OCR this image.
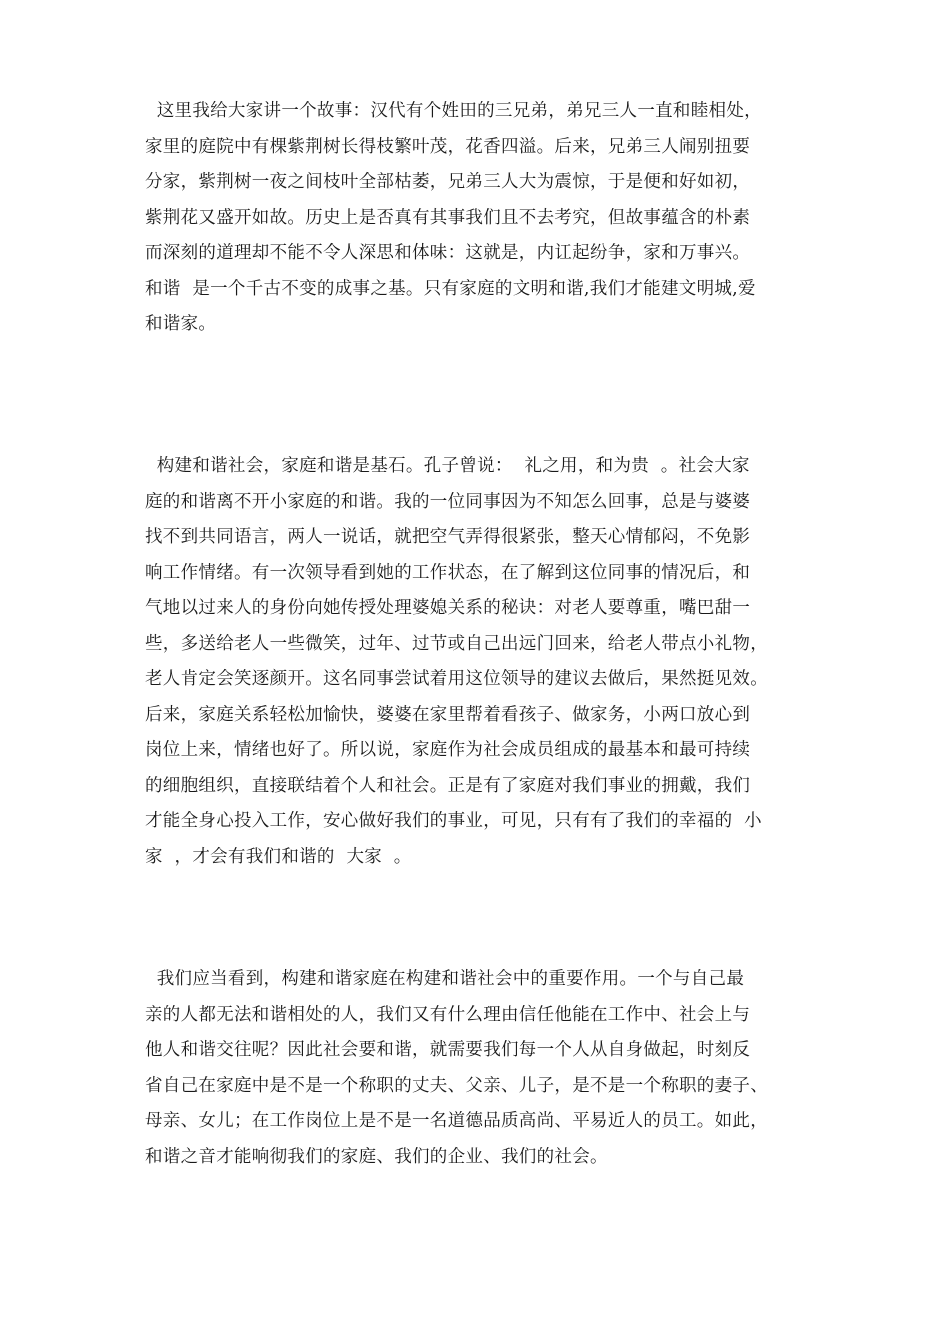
这里我给大家讲一个故事：汉代有个姓田的三兄弟，弟兄三人一直和睦相处，
家里的庭院中有棵紫荆树长得枝繁叶茂，花香四溢。后来，兄弟三人闹别扭要
分家，紫荆树一夜之间枝叶全部枯萎，兄弟三人大为震惊，于是便和好如初，
紫荆花又盛开如故。历史上是否真有其事我们且不去考究，但故事蕴含的朴素
而深刻的道理却不能不令人深思和体味：这就是，内讧起纷争，家和万事兴。
和谐  是一个千古不变的成事之基。只有家庭的文明和谐,我们才能建文明城,爱
和谐家。
构建和谐社会，家庭和谐是基石。孔子曾说：  礼之用，和为贵  。社会大家
庭的和谐离不开小家庭的和谐。我的一位同事因为不知怎么回事，总是与婆婆
找不到共同语言，两人一说话，就把空气弄得很紧张，整天心情郁闷，不免影
响工作情绪。有一次领导看到她的工作状态，在了解到这位同事的情况后，和
气地以过来人的身份向她传授处理婆媳关系的秘诀：对老人要尊重，嘴巴甜一
些，多送给老人一些微笑，过年、过节或自己出远门回来，给老人带点小礼物，
老人肯定会笑逐颜开。这名同事尝试着用这位领导的建议去做后，果然挺见效。
后来，家庭关系轻松加愉快，婆婆在家里帮着看孩子、做家务，小两口放心到
岗位上来，情绪也好了。所以说，家庭作为社会成员组成的最基本和最可持续
的细胞组织，直接联结着个人和社会。正是有了家庭对我们事业的拥戴，我们
才能全身心投入工作，安心做好我们的事业，可见，只有有了我们的幸福的  小
家  ，才会有我们和谐的  大家  。
我们应当看到，构建和谐家庭在构建和谐社会中的重要作用。一个与自己最
亲的人都无法和谐相处的人，我们又有什么理由信任他能在工作中、社会上与
他人和谐交往呢？因此社会要和谐，就需要我们每一个人从自身做起，时刻反
省自己在家庭中是不是一个称职的丈夫、父亲、儿子，是不是一个称职的妻子、
母亲、女儿；在工作岗位上是不是一名道德品质高尚、平易近人的员工。如此，
和谐之音才能响彻我们的家庭、我们的企业、我们的社会。
